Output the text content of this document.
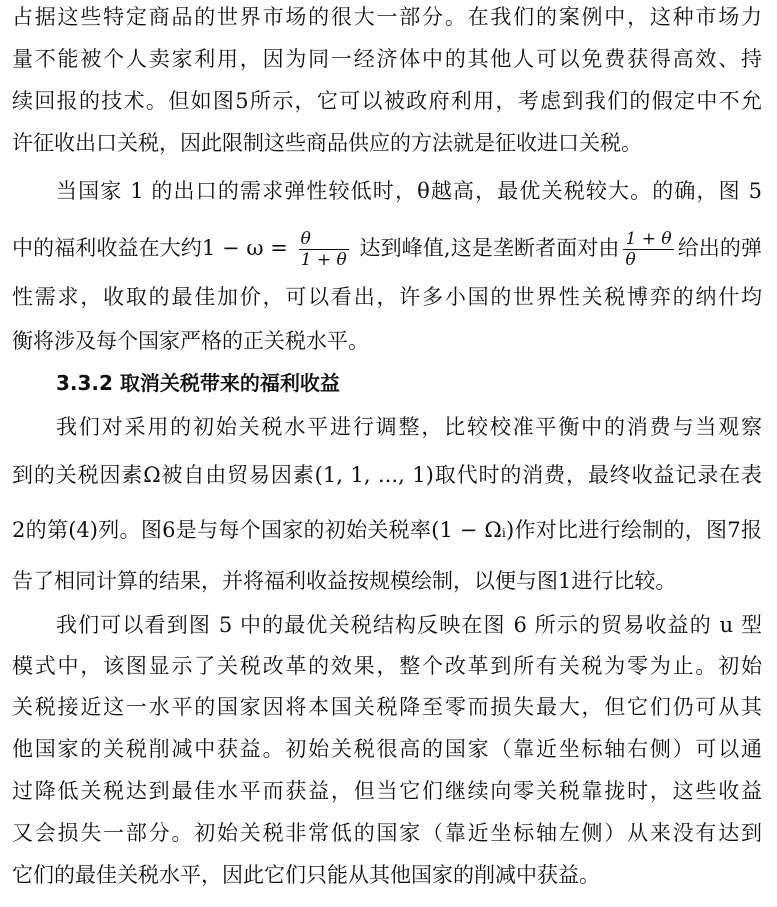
占据这些特定商品的世界市场的很大一部分。在我们的案例中，这种市场力
量不能被个人卖家利用，因为同一经济体中的其他人可以免费获得高效、持
续回报的技术。但如图5所示，它可以被政府利用，考虑到我们的假定中不允
许征收出口关税，因此限制这些商品供应的方法就是征收进口关税。
当国家 1 的出口的需求弹性较低时，θ越高，最优关税较大。的确，图 5
中的福利收益在大约$1 - \omega = \frac{\theta}{1 + \theta}$ 达到峰值,这是垄断者面对由 $\frac{1 + \theta}{\theta}$ 给出的弹
性需求，收取的最佳加价，可以看出，许多小国的世界性关税博弈的纳什均
衡将涉及每个国家严格的正关税水平。
3.3.2 取消关税带来的福利收益
我们对采用的初始关税水平进行调整，比较校准平衡中的消费与当观察
到的关税因素Ω被自由贸易因素(1, 1, ..., 1)取代时的消费，最终收益记录在表
2的第(4)列。图6是与每个国家的初始关税率(1 − Ωᵢ)作对比进行绘制的，图7报
告了相同计算的结果，并将福利收益按规模绘制，以便与图1进行比较。
我们可以看到图 5 中的最优关税结构反映在图 6 所示的贸易收益的 u 型
模式中，该图显示了关税改革的效果，整个改革到所有关税为零为止。初始
关税接近这一水平的国家因将本国关税降至零而损失最大，但它们仍可从其
他国家的关税削减中获益。初始关税很高的国家（靠近坐标轴右侧）可以通
过降低关税达到最佳水平而获益，但当它们继续向零关税靠拢时，这些收益
又会损失一部分。初始关税非常低的国家（靠近坐标轴左侧）从来没有达到
它们的最佳关税水平，因此它们只能从其他国家的削减中获益。
